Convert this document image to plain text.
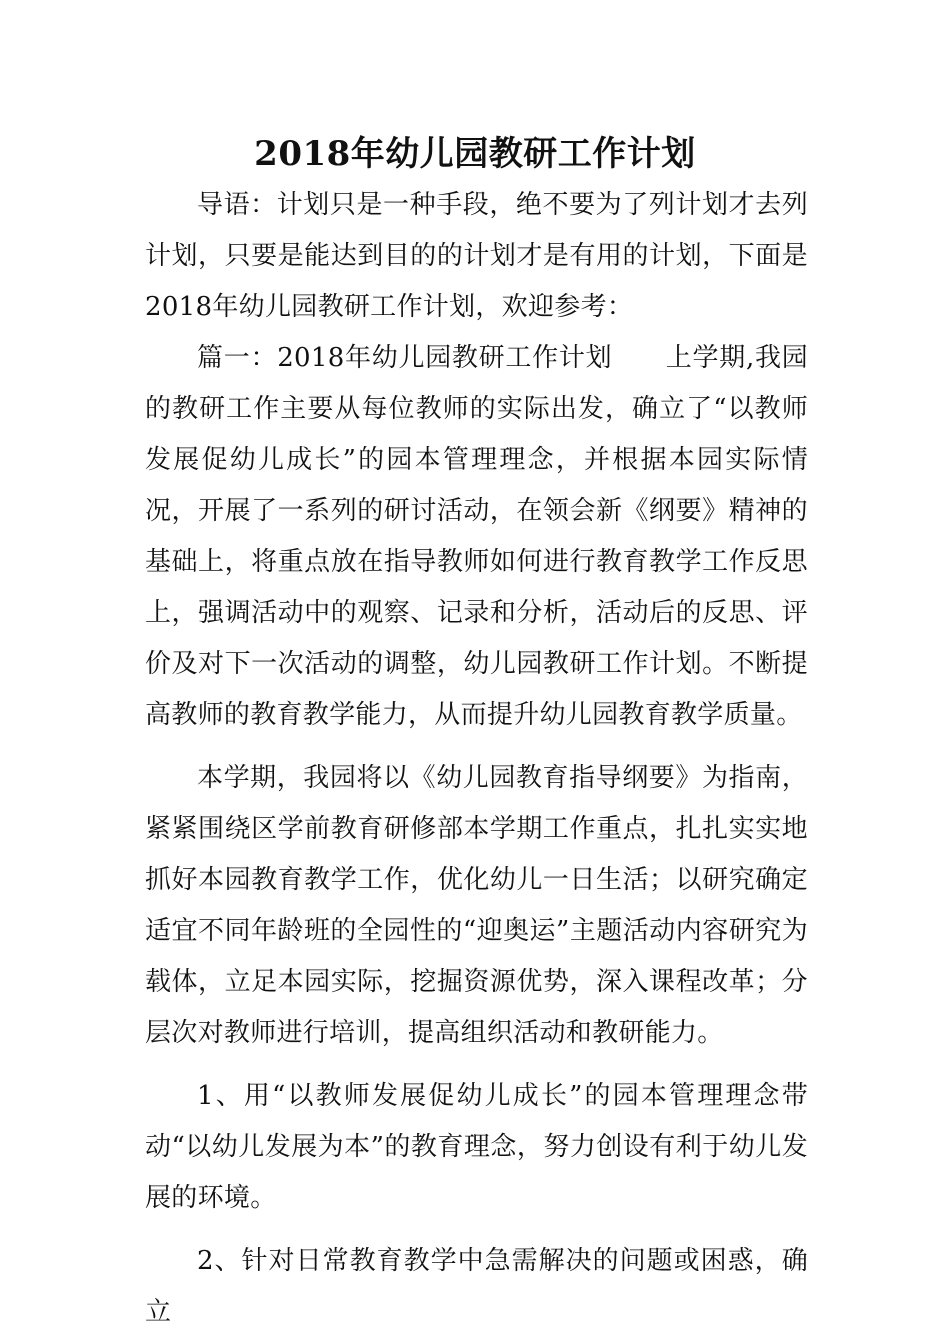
2018年幼儿园教研工作计划

导语：计划只是一种手段，绝不要为了列计划才去列计划，只要是能达到目的的计划才是有用的计划，下面是2018年幼儿园教研工作计划，欢迎参考：

篇一：2018年幼儿园教研工作计划　　上学期,我园的教研工作主要从每位教师的实际出发，确立了“以教师发展促幼儿成长”的园本管理理念，并根据本园实际情况，开展了一系列的研讨活动，在领会新《纲要》精神的基础上，将重点放在指导教师如何进行教育教学工作反思上，强调活动中的观察、记录和分析，活动后的反思、评价及对下一次活动的调整，幼儿园教研工作计划。不断提高教师的教育教学能力，从而提升幼儿园教育教学质量。

本学期，我园将以《幼儿园教育指导纲要》为指南，紧紧围绕区学前教育研修部本学期工作重点，扎扎实实地抓好本园教育教学工作，优化幼儿一日生活；以研究确定适宜不同年龄班的全园性的“迎奥运”主题活动内容研究为载体，立足本园实际，挖掘资源优势，深入课程改革；分层次对教师进行培训，提高组织活动和教研能力。

1、用“以教师发展促幼儿成长”的园本管理理念带动“以幼儿发展为本”的教育理念，努力创设有利于幼儿发展的环境。

2、针对日常教育教学中急需解决的问题或困惑，确立
